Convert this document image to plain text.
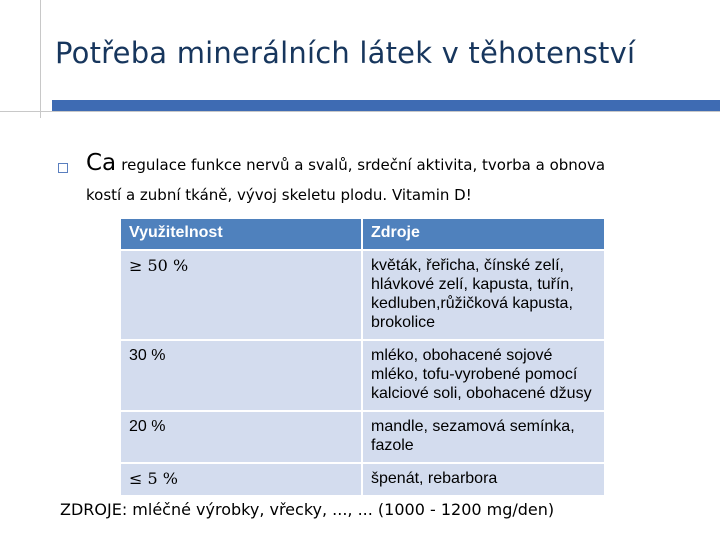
Potřeba minerálních látek v těhotenství
Ca regulace funkce nervů a svalů, srdeční aktivita, tvorba a obnova
kostí a zubní tkáně, vývoj skeletu plodu. Vitamin D!
ZDROJE: mléčné výrobky, vřecky, ..., ... (1000 - 1200 mg/den)
Využitelnost	Zdroje
≥ 50 %	květák, řeřicha, čínské zelí, hlávkové zelí, kapusta, tuřín, kedluben,růžičková kapusta, brokolice
30 %	mléko, obohacené sojové mléko, tofu-vyrobené pomocí kalciové soli, obohacené džusy
20 %	mandle, sezamová semínka, fazole
≤ 5 %	špenát, rebarbora
